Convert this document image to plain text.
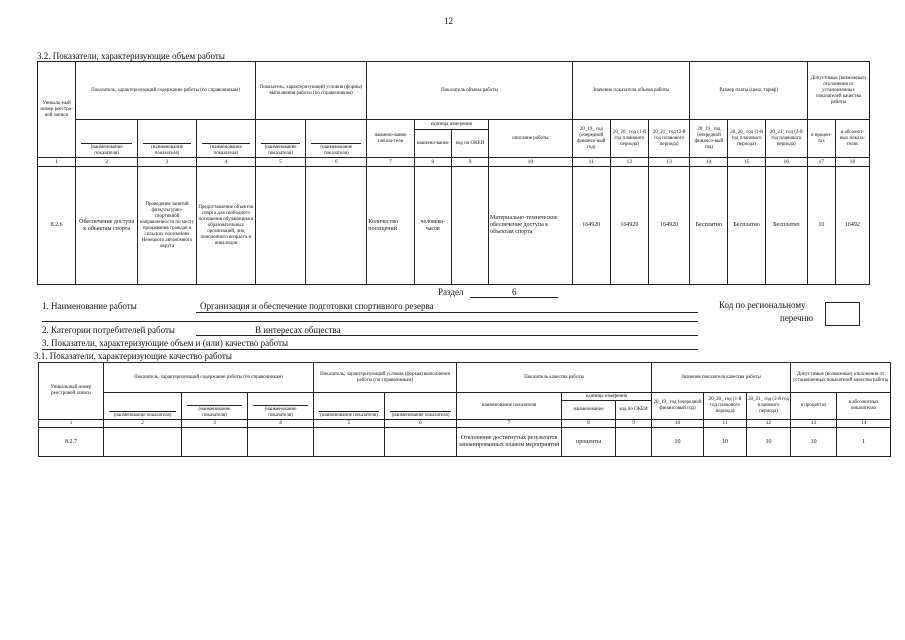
12
3.2. Показатели, характеризующие объем работы
Уникаль-ный номер реестро-вой записи	Показатель, характеризующий содержание работы (по справочникам)			Показатель, характеризующий условия (формы) выполнения работы (по справочникам)		Показатель объема работы				Значение показателя объема работы			Размер платы (цена, тариф)			Допустимые (возможные) отклонения от установленных показателей качества работы	

	(наименование показателя)	(наименование показателя)	(наименование показателя)	(наименование показателя)	(наименование показателя)	наимено-вание показа-теля	единица измерения		описание работы	20_19_ год (очередной финансо-вый год)	20_20_ год (1-й год планового периода)	20_21_ год (2-й год планового периода)	20_19_ год (очередной финансо-вый год)	20_20_ год (1-й год планового периода)	20_21_ год (2-й год планового периода)	в процен-тах	в абсолют-ных показа-телях
							наимено-вание	код по ОКЕИ									
1	2	3	4	5	6	7	8	9	10	11	12	13	14	15	16	17	18
8.2.6	Обеспечение доступа к объектам спорта	Проведение занятий физкультурно-спортивной направленности по месту проживания граждан в сельских поселениях Ненецкого автономного округа	Предоставление объектов спорта для свободного посещения обучающимся образовательных организаций, лиц пенсионного возраста и инвалидов			Количество посещений	человеко-часов		Материально-техническое обеспечение доступа к объектам спорта	164920	164920	164920	Бесплатно	Бесплатно	Бесплатно	10	16492
Раздел	6
1. Наименование работы	Организация и обеспечение подготовки спортивного резерва	Код по региональному
перечню
2. Категории потребителей работы	В интересах общества
3. Показатели, характеризующие объем и (или) качество работы
3.1. Показатели, характеризующие качество работы
Уникальный номер реестровой записи	Показатель, характеризующий содержание работы (по справочникам)			Показатель, характеризующий условия (формы) выполнения работы (по справочникам)		Показатель качества работы			Значение показателя качества работы			Допустимые (возможные) отклонения от установленных показателей качества работы	

	(наименование показателя)	(наименование показателя)	(наименование показателя)	(наименование показателя)	(наименование показателя)	наименование показателя	единица измерения		20_19_ год (очередной финансовый год)	20_20_ год (1-й год планового периода)	20_21_ год (2-й год планового периода)	в процентах	в абсолютных показателях
							наименование	код по ОКЕИ					
1	2	3	4	5	6	7	8	9	10	11	12	13	14
8.2.7						Отклонение достигнутых результатов запланированных планом мероприятий	проценты		10	10	10	10	1
